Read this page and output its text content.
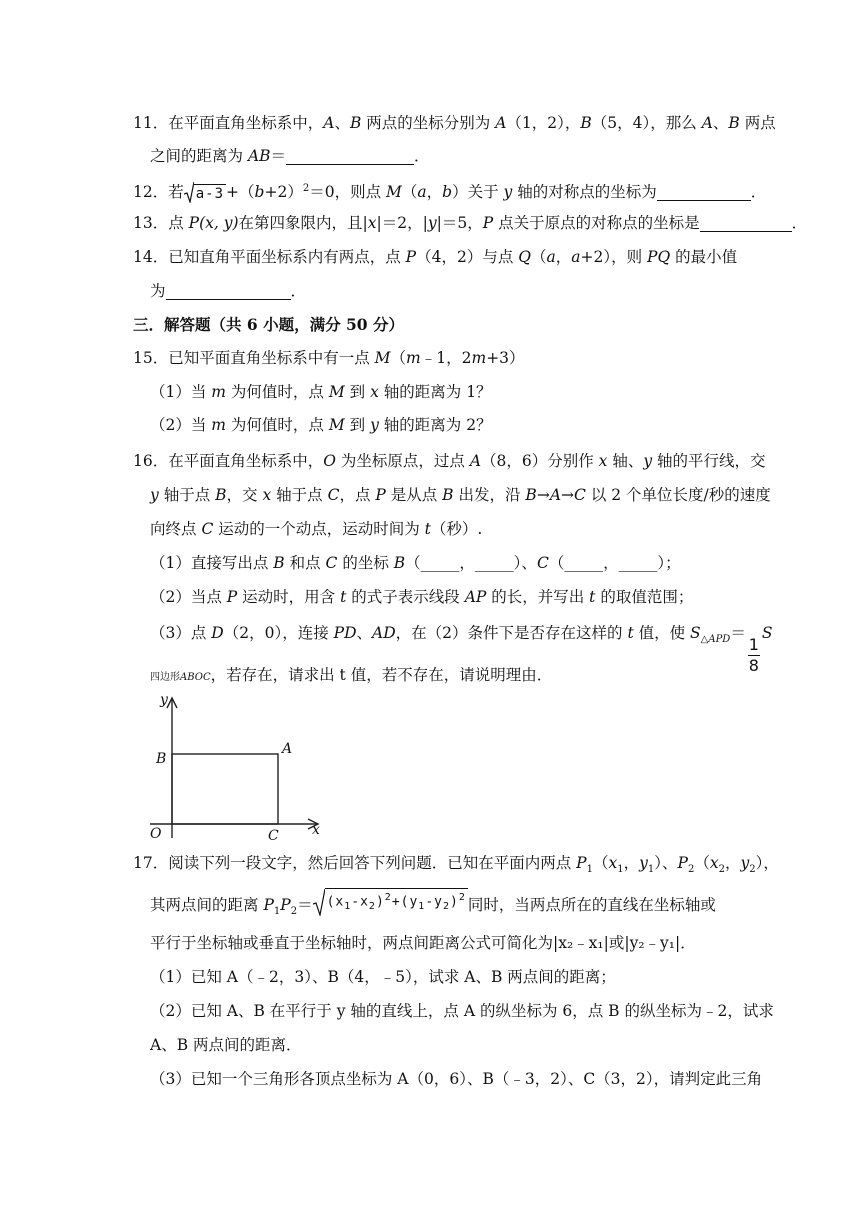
11．在平面直角坐标系中，A、B 两点的坐标分别为 A（1，2），B（5，4），那么 A、B 两点
之间的距离为 AB＝	．
12．若 $a-3 +(b+2)^2=0$，则点 M（a，b）关于 y 轴的对称点的坐标为	．
13．点 P(x, y)在第四象限内，且|x|＝2，|y|＝5，P 点关于原点的对称点的坐标是	．
14．已知直角平面坐标系内有两点，点 P（4，2）与点 Q（a，a+2），则 PQ 的最小值
为	．
三．解答题（共 6 小题，满分 50 分）
15．已知平面直角坐标系中有一点 M（m﹣1，2m+3）
（1）当 m 为何值时，点 M 到 x 轴的距离为 1？
（2）当 m 为何值时，点 M 到 y 轴的距离为 2？
16．在平面直角坐标系中，O 为坐标原点，过点 A（8，6）分别作 x 轴、y 轴的平行线，交
y 轴于点 B，交 x 轴于点 C，点 P 是从点 B 出发，沿 B→A→C 以 2 个单位长度/秒的速度
向终点 C 运动的一个动点，运动时间为 t（秒）.
（1）直接写出点 B 和点 C 的坐标 B（_____，_____）、C（_____，_____）；
（2）当点 P 运动时，用含 t 的式子表示线段 AP 的长，并写出 t 的取值范围；
（3）点 D（2，0），连接 PD、AD，在（2）条件下是否存在这样的 t 值，使 $S_{\triangle APD}=$
$\frac{1}{8}$
S
四边形ABOC，若存在，请求出 t 值，若不存在，请说明理由．
y
B
A
O	C x
17．阅读下列一段文字，然后回答下列问题．已知在平面内两点 $P_1(x_1$，$y_1$）、$P_2(x_2$，$y_2$），
其两点间的距离 $P_1P_2= (x_1-x_2)^2+(y_1-y_2)^2$ 同时，当两点所在的直线在坐标轴或
平行于坐标轴或垂直于坐标轴时，两点间距离公式可简化为|x₂﹣x₁|或|y₂﹣y₁|．
（1）已知 A（﹣2，3）、B（4，﹣5），试求 A、B 两点间的距离；
（2）已知 A、B 在平行于 y 轴的直线上，点 A 的纵坐标为 6，点 B 的纵坐标为﹣2，试求
A、B 两点间的距离．
（3）已知一个三角形各顶点坐标为 A（0，6）、B（﹣3，2）、C（3，2），请判定此三角
